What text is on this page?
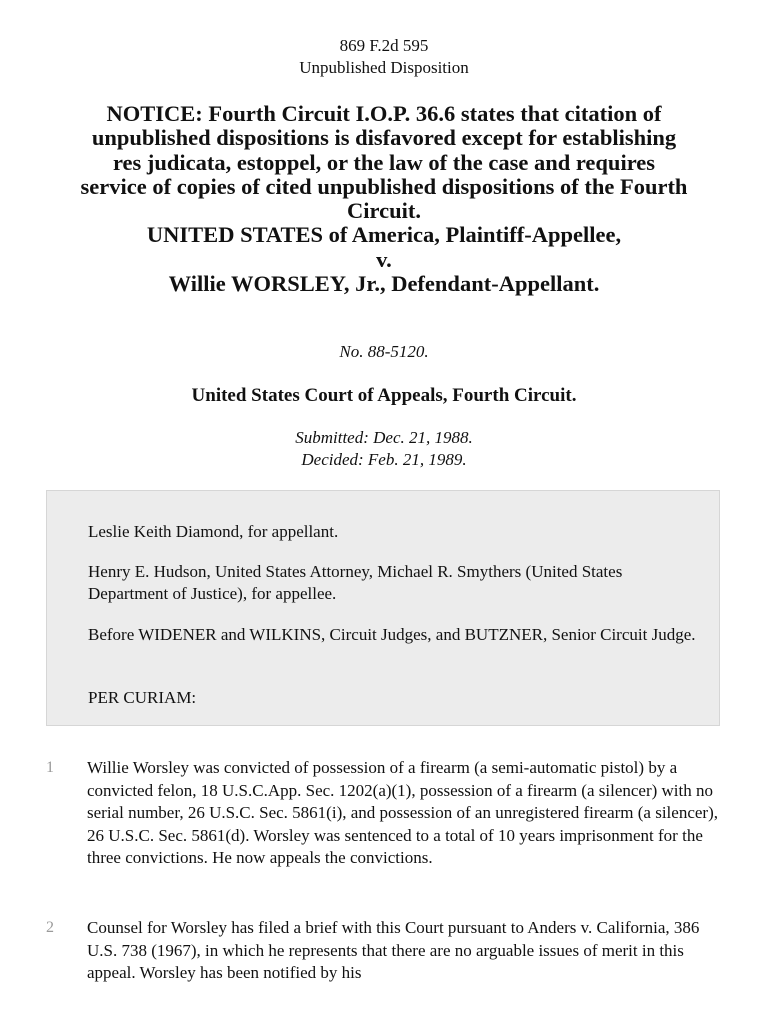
869 F.2d 595
Unpublished Disposition
NOTICE: Fourth Circuit I.O.P. 36.6 states that citation of
unpublished dispositions is disfavored except for establishing
res judicata, estoppel, or the law of the case and requires
service of copies of cited unpublished dispositions of the Fourth
Circuit.
UNITED STATES of America, Plaintiff-Appellee,
v.
Willie WORSLEY, Jr., Defendant-Appellant.
No. 88-5120.
United States Court of Appeals, Fourth Circuit.
Submitted: Dec. 21, 1988.
Decided: Feb. 21, 1989.

Leslie Keith Diamond, for appellant.

Henry E. Hudson, United States Attorney, Michael R. Smythers (United States Department of Justice), for appellee.

Before WIDENER and WILKINS, Circuit Judges, and BUTZNER, Senior Circuit Judge.

PER CURIAM:

1 Willie Worsley was convicted of possession of a firearm (a semi-automatic pistol) by a convicted felon, 18 U.S.C.App. Sec. 1202(a)(1), possession of a firearm (a silencer) with no serial number, 26 U.S.C. Sec. 5861(i), and possession of an unregistered firearm (a silencer), 26 U.S.C. Sec. 5861(d). Worsley was sentenced to a total of 10 years imprisonment for the three convictions. He now appeals the convictions.
2 Counsel for Worsley has filed a brief with this Court pursuant to Anders v. California, 386 U.S. 738 (1967), in which he represents that there are no arguable issues of merit in this appeal. Worsley has been notified by his
